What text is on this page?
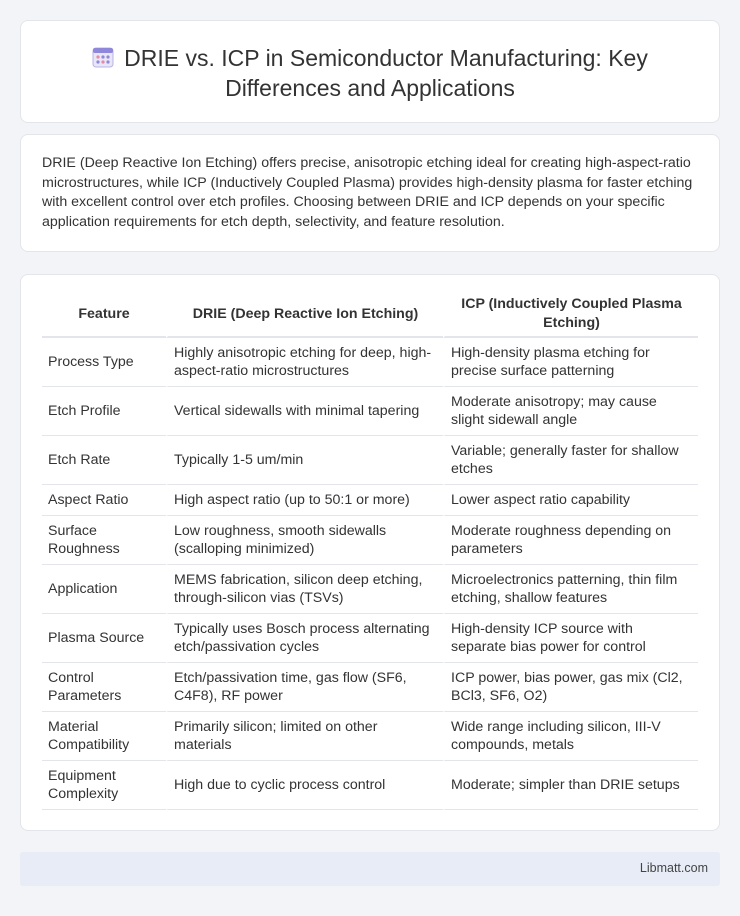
DRIE vs. ICP in Semiconductor Manufacturing: Key Differences and Applications

DRIE (Deep Reactive Ion Etching) offers precise, anisotropic etching ideal for creating high-aspect-ratio microstructures, while ICP (Inductively Coupled Plasma) provides high-density plasma for faster etching with excellent control over etch profiles. Choosing between DRIE and ICP depends on your specific application requirements for etch depth, selectivity, and feature resolution.

Feature	DRIE (Deep Reactive Ion Etching)	ICP (Inductively Coupled Plasma Etching)
Process Type	Highly anisotropic etching for deep, high-aspect-ratio microstructures	High-density plasma etching for precise surface patterning
Etch Profile	Vertical sidewalls with minimal tapering	Moderate anisotropy; may cause slight sidewall angle
Etch Rate	Typically 1-5 um/min	Variable; generally faster for shallow etches
Aspect Ratio	High aspect ratio (up to 50:1 or more)	Lower aspect ratio capability
Surface Roughness	Low roughness, smooth sidewalls (scalloping minimized)	Moderate roughness depending on parameters
Application	MEMS fabrication, silicon deep etching, through-silicon vias (TSVs)	Microelectronics patterning, thin film etching, shallow features
Plasma Source	Typically uses Bosch process alternating etch/passivation cycles	High-density ICP source with separate bias power for control
Control Parameters	Etch/passivation time, gas flow (SF6, C4F8), RF power	ICP power, bias power, gas mix (Cl2, BCl3, SF6, O2)
Material Compatibility	Primarily silicon; limited on other materials	Wide range including silicon, III-V compounds, metals
Equipment Complexity	High due to cyclic process control	Moderate; simpler than DRIE setups
Libmatt.com
